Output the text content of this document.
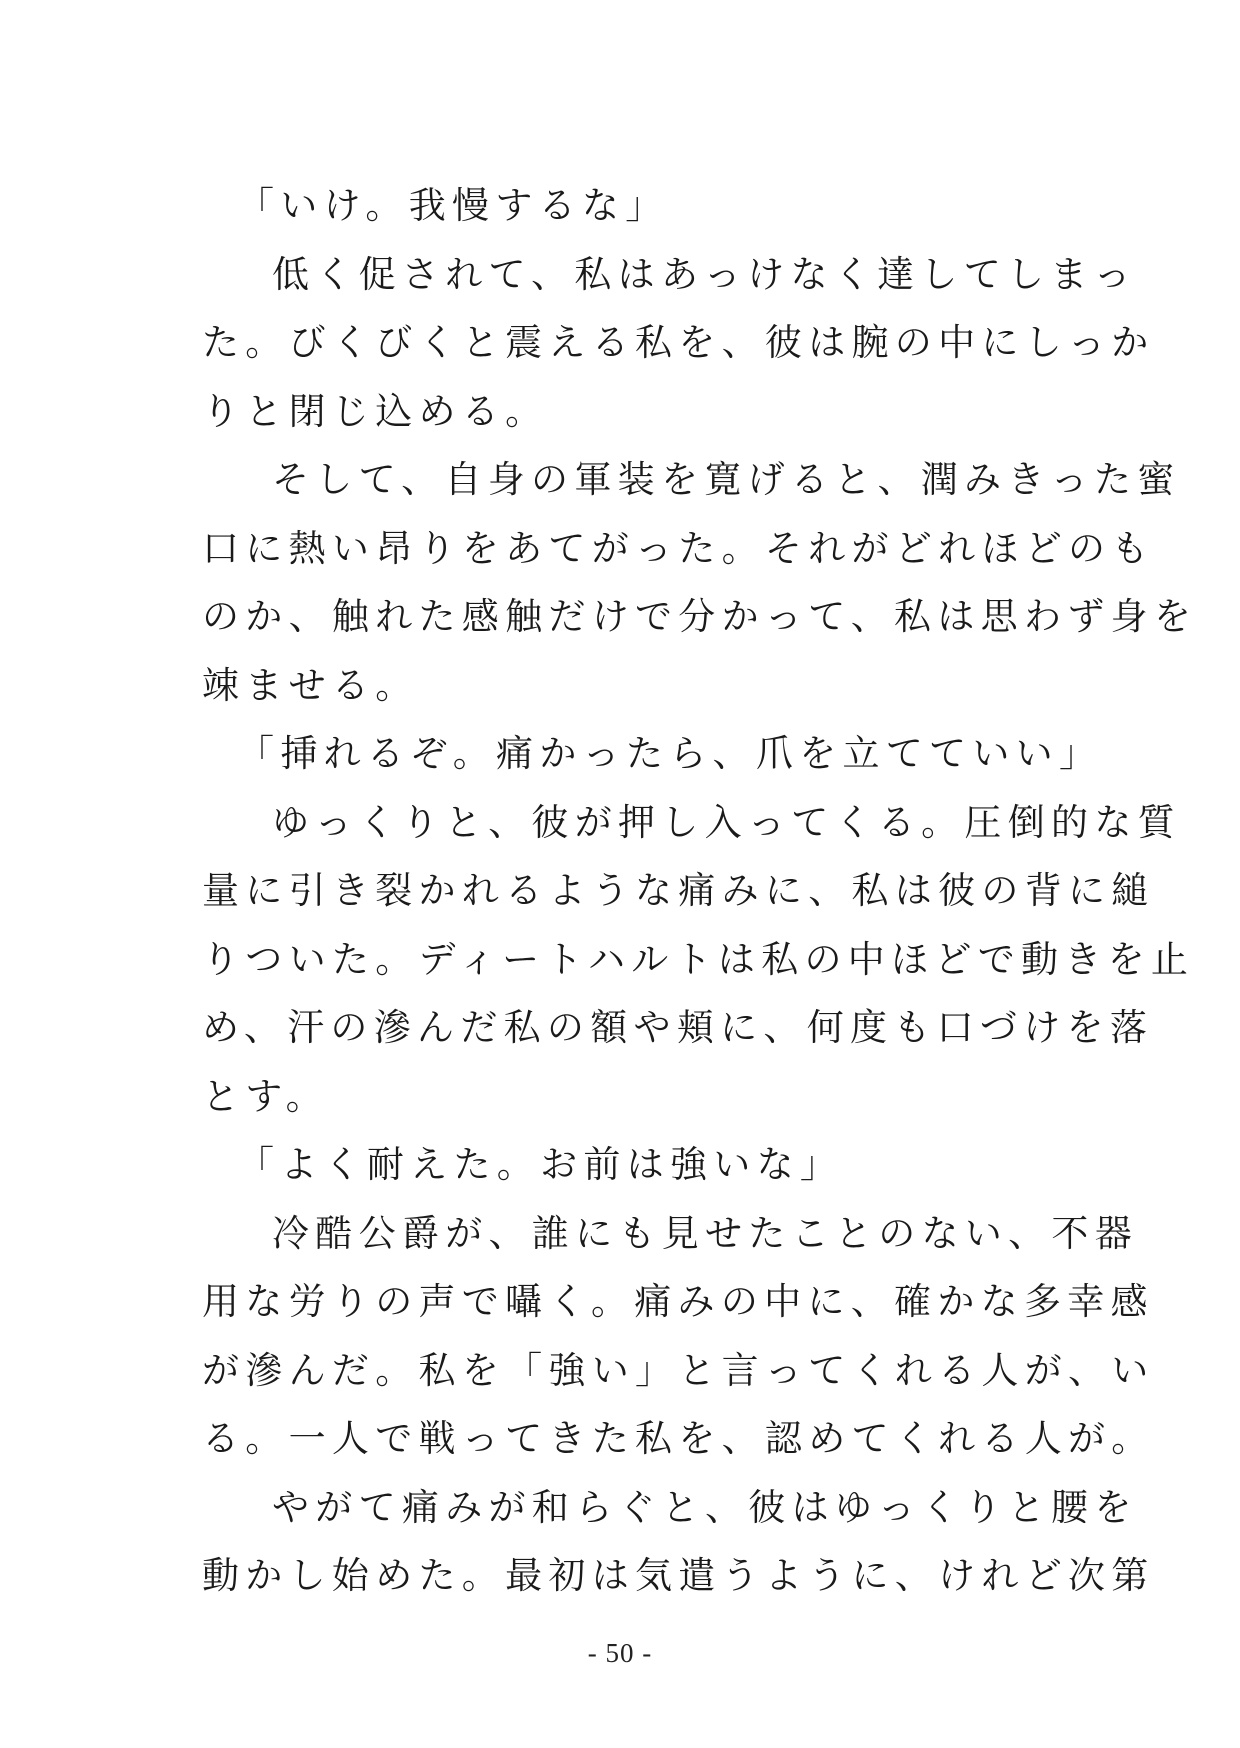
「いけ。我慢するな」
低く促されて、私はあっけなく達してしまっ
た。びくびくと震える私を、彼は腕の中にしっか
りと閉じ込める。
そして、自身の軍装を寛げると、潤みきった蜜
口に熱い昂りをあてがった。それがどれほどのも
のか、触れた感触だけで分かって、私は思わず身を
竦ませる。
「挿れるぞ。痛かったら、爪を立てていい」
ゆっくりと、彼が押し入ってくる。圧倒的な質
量に引き裂かれるような痛みに、私は彼の背に縋
りついた。ディートハルトは私の中ほどで動きを止
め、汗の滲んだ私の額や頬に、何度も口づけを落
とす。
「よく耐えた。お前は強いな」
冷酷公爵が、誰にも見せたことのない、不器
用な労りの声で囁く。痛みの中に、確かな多幸感
が滲んだ。私を「強い」と言ってくれる人が、い
る。一人で戦ってきた私を、認めてくれる人が。
やがて痛みが和らぐと、彼はゆっくりと腰を
動かし始めた。最初は気遣うように、けれど次第
- 50 -
